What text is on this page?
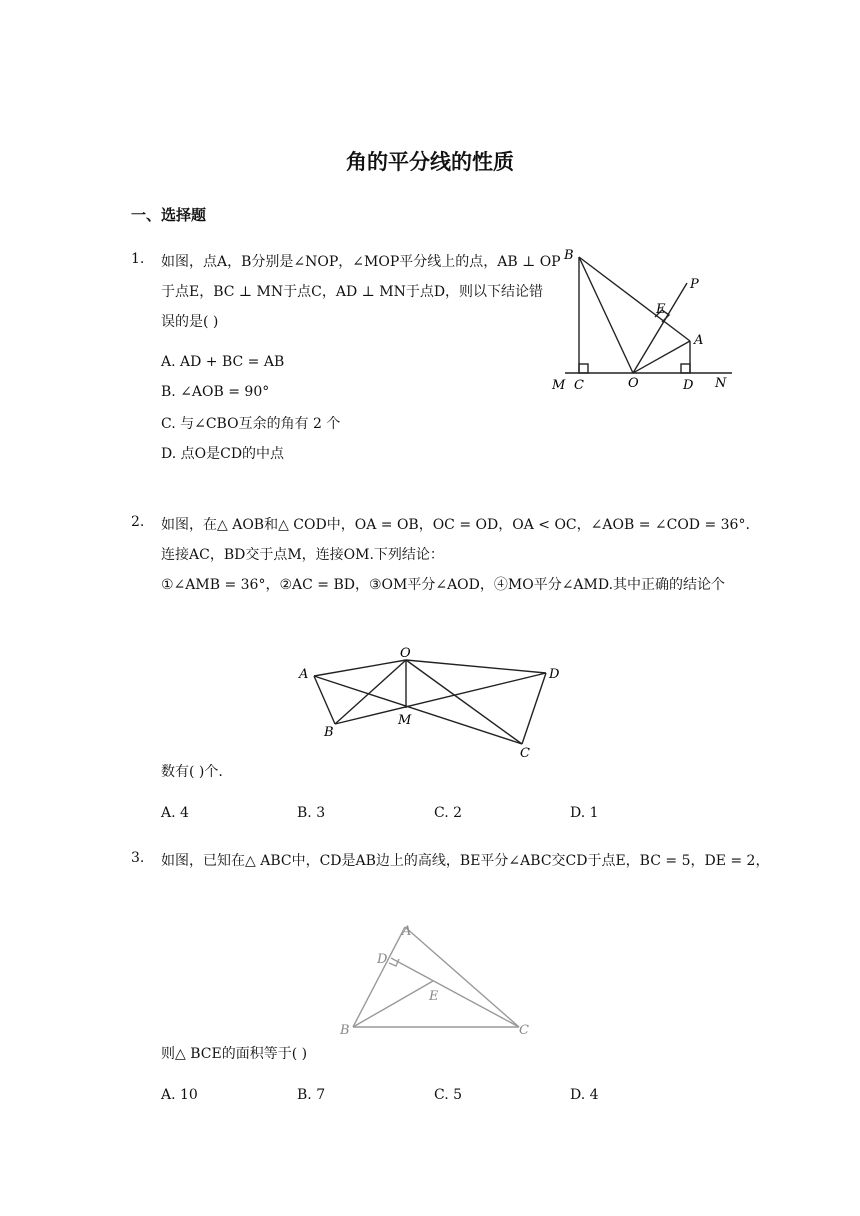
角的平分线的性质
一、选择题
1. 如图，点A，B分别是∠NOP，∠MOP平分线上的点，AB ⊥ OP
于点E，BC ⊥ MN于点C，AD ⊥ MN于点D，则以下结论错
误的是( )
A. AD + BC = AB
B. ∠AOB = 90°
C. 与∠CBO互余的角有 2 个
D. 点O是CD的中点
B
P
E
A
M C	O	D N
2. 如图，在△ AOB和△ COD中，OA = OB，OC = OD，OA < OC，∠AOB = ∠COD = 36°.
连接AC，BD交于点M，连接OM.下列结论：
①∠AMB = 36°，②AC = BD，③OM平分∠AOD，④MO平分∠AMD.其中正确的结论个
O
A	D
M
B
C
数有( )个.
A. 4	B. 3	C. 2	D. 1
3. 如图，已知在△ ABC中，CD是AB边上的高线，BE平分∠ABC交CD于点E，BC = 5，DE = 2，
A
D
E
B	C
则△ BCE的面积等于( )
A. 10	B. 7	C. 5	D. 4
